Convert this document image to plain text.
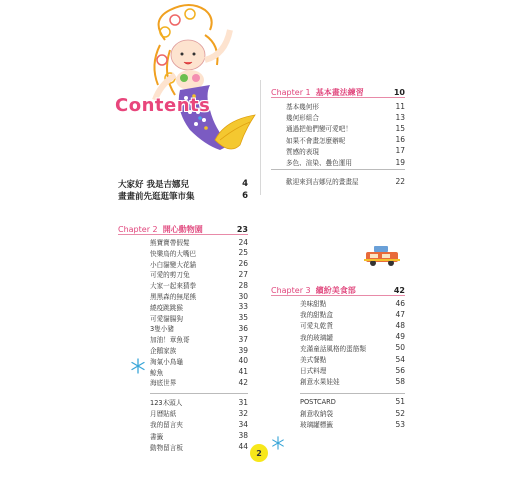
Contents
大家好 我是吉娜兒	4
畫畫前先逛逛筆市集	6
Chapter 1 基本畫法練習	10
基本幾何形	11
幾何形組合	13
通過把他們變可愛吧！	15
如果不會畫怎麼辦呢	16
質感的表現	17
多色、渲染、疊色運用	19
歡迎來到吉娜兒的畫畫屋	22
Chapter 2 開心動物園	23
熊寶寶帶假髮	24
快樂鳥的大嘴巴	25
小白貓變大花貓	26
可愛的剪刀兔	27
大家一起來猜拳	28
黑黑森的無尾熊	30
繞疫跳跳猴	33
可愛貓腸狗	35
3隻小豬	36
加油！章魚哥	37
企鵝家族	39
淘氣小鳥龜	40
鯨魚	41
海底世界	42
123木頭人	31
月曆貼紙	32
我的留言夾	34
書籤	38
動物留言板	44
Chapter 3 繽紛美食部	42
美味甜點	46
我的甜點盒	47
可愛丸乾貨	48
我的玻璃罐	49
充滿童話風格的蛋筋類	50
美式餐點	54
日式料理	56
創意水果娃娃	58
POSTCARD	51
創意收納袋	52
玻璃罐標籤	53
2
